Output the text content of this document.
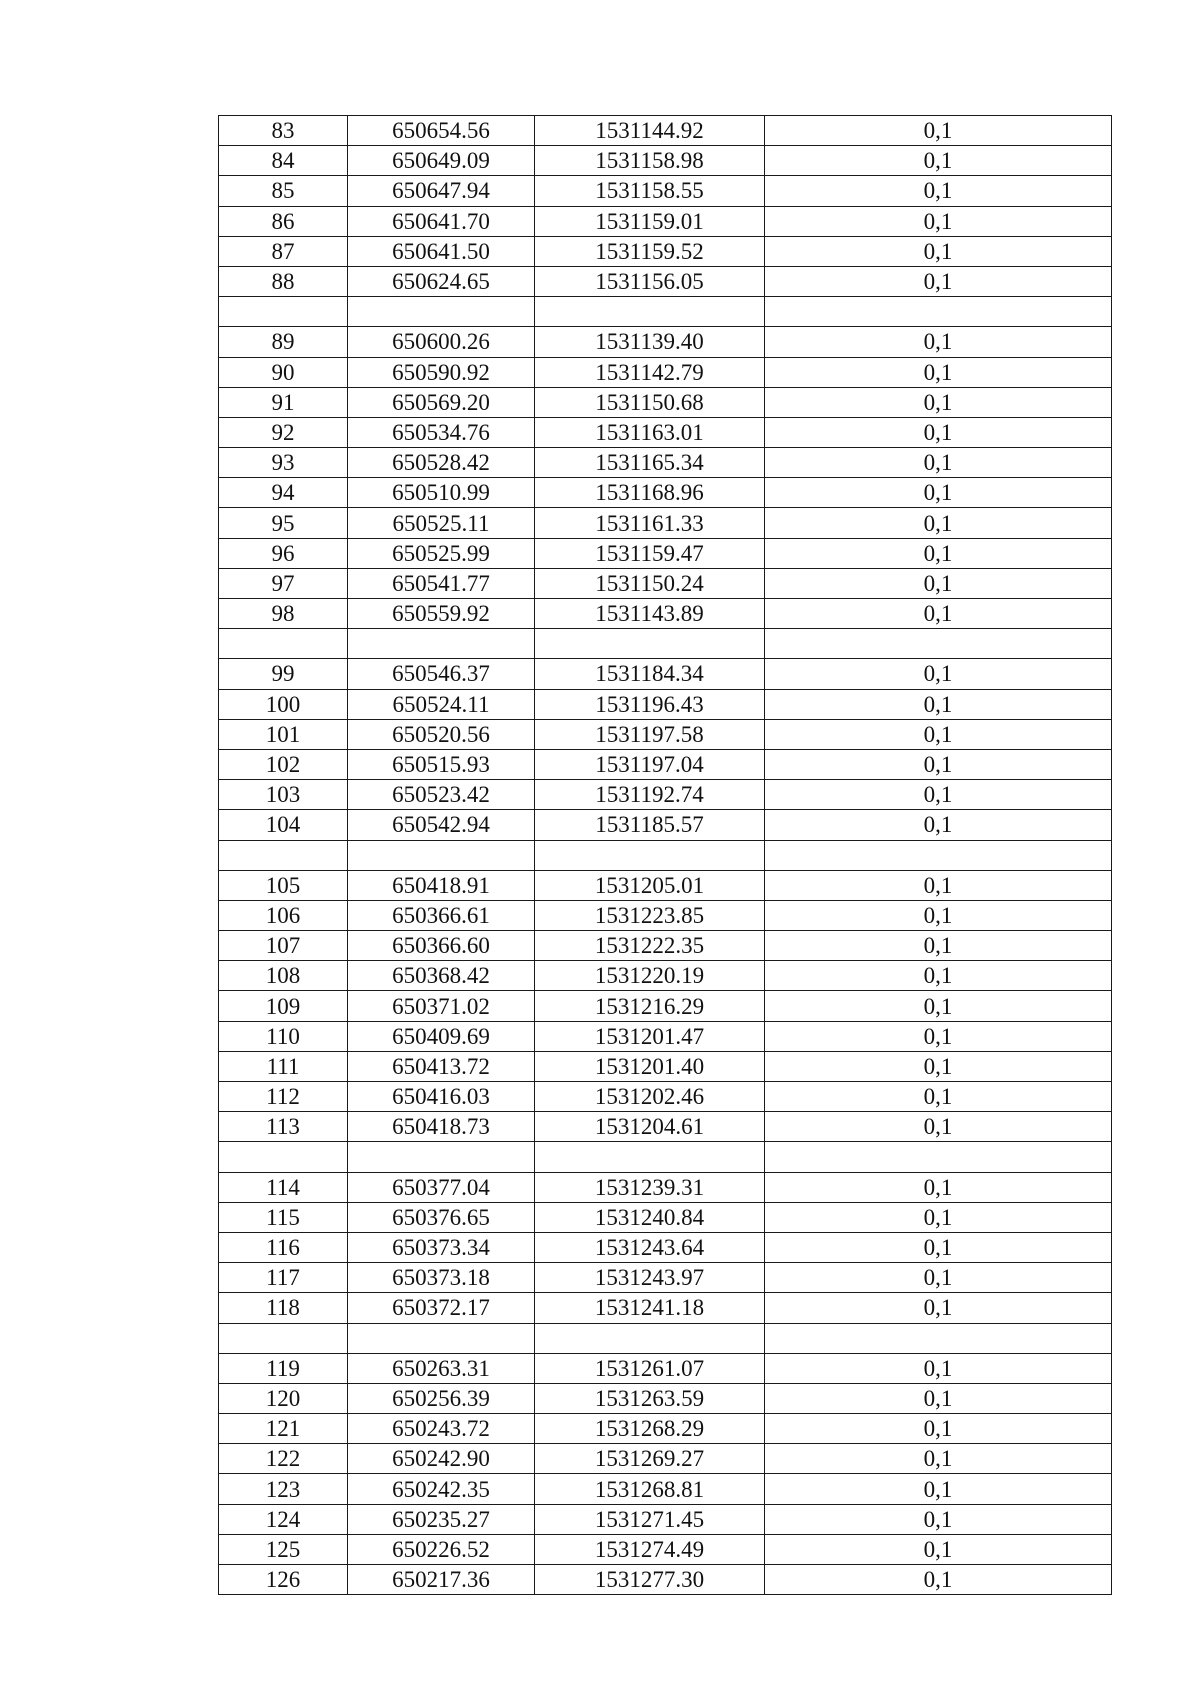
83	650654.56	1531144.92	0,1
84	650649.09	1531158.98	0,1
85	650647.94	1531158.55	0,1
86	650641.70	1531159.01	0,1
87	650641.50	1531159.52	0,1
88	650624.65	1531156.05	0,1

89	650600.26	1531139.40	0,1
90	650590.92	1531142.79	0,1
91	650569.20	1531150.68	0,1
92	650534.76	1531163.01	0,1
93	650528.42	1531165.34	0,1
94	650510.99	1531168.96	0,1
95	650525.11	1531161.33	0,1
96	650525.99	1531159.47	0,1
97	650541.77	1531150.24	0,1
98	650559.92	1531143.89	0,1

99	650546.37	1531184.34	0,1
100	650524.11	1531196.43	0,1
101	650520.56	1531197.58	0,1
102	650515.93	1531197.04	0,1
103	650523.42	1531192.74	0,1
104	650542.94	1531185.57	0,1

105	650418.91	1531205.01	0,1
106	650366.61	1531223.85	0,1
107	650366.60	1531222.35	0,1
108	650368.42	1531220.19	0,1
109	650371.02	1531216.29	0,1
110	650409.69	1531201.47	0,1
111	650413.72	1531201.40	0,1
112	650416.03	1531202.46	0,1
113	650418.73	1531204.61	0,1

114	650377.04	1531239.31	0,1
115	650376.65	1531240.84	0,1
116	650373.34	1531243.64	0,1
117	650373.18	1531243.97	0,1
118	650372.17	1531241.18	0,1

119	650263.31	1531261.07	0,1
120	650256.39	1531263.59	0,1
121	650243.72	1531268.29	0,1
122	650242.90	1531269.27	0,1
123	650242.35	1531268.81	0,1
124	650235.27	1531271.45	0,1
125	650226.52	1531274.49	0,1
126	650217.36	1531277.30	0,1
